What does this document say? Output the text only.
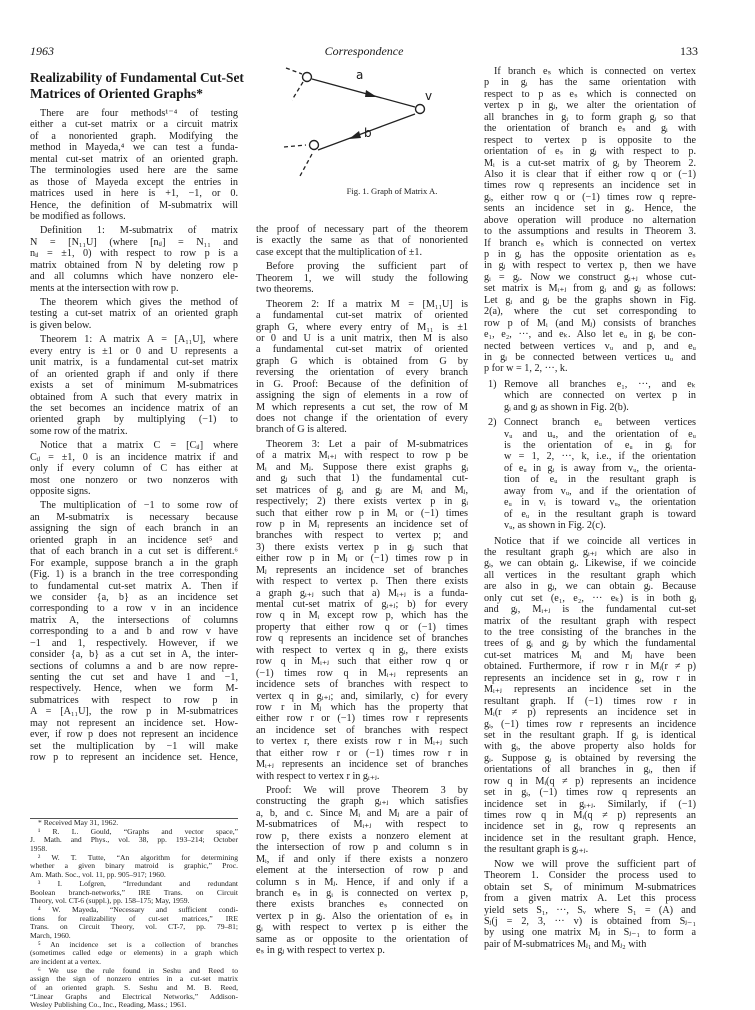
1963	Correspondence	133
Realizability of Fundamental Cut-Set
Matrices of Oriented Graphs*
There are four methods¹⁻⁴ of testing
either a cut-set matrix or a circuit matrix
of a nonoriented graph. Modifying the
method in Mayeda,⁴ we can test a funda-
mental cut-set matrix of an oriented graph.
The terminologies used here are the same
as those of Mayeda except the entries in
matrices used in here is +1, −1, or 0.
Hence, the definition of M-submatrix will
be modified as follows.
Definition 1: M-submatrix of matrix
N = [N₁₁U] (where [nᵢⱼ] = N₁₁ and
nᵢⱼ = ±1, 0) with respect to row p is a
matrix obtained from N by deleting row p
and all columns which have nonzero ele-
ments at the intersection with row p.
The theorem which gives the method of
testing a cut-set matrix of an oriented graph
is given below.
Theorem 1: A matrix A = [A₁₁U], where
every entry is ±1 or 0 and U represents a
unit matrix, is a fundamental cut-set matrix
of an oriented graph if and only if there
exists a set of minimum M-submatrices
obtained from A such that every matrix in
the set becomes an incidence matrix of an
oriented graph by multiplying (−1) to
some row of the matrix.
Notice that a matrix C = [Cᵢⱼ] where
Cᵢⱼ = ±1, 0 is an incidence matrix if and
only if every column of C has either at
most one nonzero or two nonzeros with
opposite signs.
The multiplication of −1 to some row of
an M-submatrix is necessary because
assigning the sign of each branch in an
oriented graph in an incidence set⁵ and
that of each branch in a cut set is different.⁶
For example, suppose branch a in the graph
(Fig. 1) is a branch in the tree corresponding
to fundamental cut-set matrix A. Then if
we consider {a, b} as an incidence set
corresponding to a row v in an incidence
matrix A, the intersections of columns
corresponding to a and b and row v have
−1 and 1, respectively. However, if we
consider {a, b} as a cut set in A, the inter-
sections of columns a and b are now repre-
senting the cut set and have 1 and −1,
respectively. Hence, when we form M-
submatrices with respect to row p in
A = [A₁₁U], the row p in M-submatrices
may not represent an incidence set. How-
ever, if row p does not represent an incidence
set the multiplication by −1 will make
row p to represent an incidence set. Hence,
* Received May 31, 1962.
¹ R. L. Gould, “Graphs and vector space,”
J. Math. and Phys., vol. 38, pp. 193–214; October
1958.
² W. T. Tutte, “An algorithm for determining
whether a given binary matroid is graphic,” Proc.
Am. Math. Soc., vol. 11, pp. 905–917; 1960.
³ I. Lofgren, “Irredundant and redundant
Boolean branch-networks,” IRE Trans. on Circuit
Theory, vol. CT-6 (suppl.), pp. 158–175; May, 1959.
⁴ W. Mayeda, “Necessary and sufficient condi-
tions for realizability of cut-set matrices,” IRE
Trans. on Circuit Theory, vol. CT-7, pp. 79–81;
March, 1960.
⁵ An incidence set is a collection of branches
(sometimes called edge or elements) in a graph which
are incident at a vertex.
⁶ We use the rule found in Seshu and Reed to
assign the sign of nonzero entries in a cut-set matrix
of an oriented graph. S. Seshu and M. B. Reed,
“Linear Graphs and Electrical Networks,” Addison-
Wesley Publishing Co., Inc., Reading, Mass.; 1961.
a
v
b
Fig. 1. Graph of Matrix A.
the proof of necessary part of the theorem
is exactly the same as that of nonoriented
case except that the multiplication of ±1.
Before proving the sufficient part of
Theorem 1, we will study the following
two theorems.
Theorem 2: If a matrix M = [M₁₁U] is
a fundamental cut-set matrix of oriented
graph G, where every entry of M₁₁ is ±1
or 0 and U is a unit matrix, then M is also
a fundamental cut-set matrix of oriented
graph Ḡ which is obtained from G by
reversing the orientation of every branch
in G. Proof: Because of the definition of
assigning the sign of elements in a row of
M which represents a cut set, the row of M
does not change if the orientation of every
branch of G is altered.
Theorem 3: Let a pair of M-submatrices
of a matrix Mᵢ₊ⱼ with respect to row p be
Mᵢ and Mⱼ. Suppose there exist graphs gᵢ
and gⱼ such that 1) the fundamental cut-
set matrices of gᵢ and gⱼ are Mᵢ and Mⱼ,
respectively; 2) there exists vertex p in gᵢ
such that either row p in Mᵢ or (−1) times
row p in Mᵢ represents an incidence set of
branches with respect to vertex p; and
3) there exists vertex p in gⱼ such that
either row p in Mⱼ or (−1) times row p in
Mⱼ represents an incidence set of branches
with respect to vertex p. Then there exists
a graph gᵢ₊ⱼ such that a) Mᵢ₊ⱼ is a funda-
mental cut-set matrix of gᵢ₊ⱼ; b) for every
row q in Mᵢ except row p, which has the
property that either row q or (−1) times
row q represents an incidence set of branches
with respect to vertex q in gᵢ, there exists
row q in Mᵢ₊ⱼ such that either row q or
(−1) times row q in Mᵢ₊ⱼ represents an
incidence sets of branches with respect to
vertex q in gᵢ₊ⱼ; and, similarly, c) for every
row r in Mⱼ which has the property that
either row r or (−1) times row r represents
an incidence set of branches with respect
to vertex r, there exists row r in Mᵢ₊ⱼ such
that either row r or (−1) times row r in
Mᵢ₊ⱼ represents an incidence set of branches
with respect to vertex r in gᵢ₊ⱼ.
Proof: We will prove Theorem 3 by
constructing the graph gᵢ₊ⱼ which satisfies
a, b, and c. Since Mᵢ and Mⱼ are a pair of
M-submatrices of Mᵢ₊ⱼ with respect to
row p, there exists a nonzero element at
the intersection of row p and column s in
Mᵢ, if and only if there exists a nonzero
element at the intersection of row p and
column s in Mⱼ. Hence, if and only if a
branch eₛ in gᵢ is connected on vertex p,
there exists branches eₛ connected on
vertex p in gⱼ. Also the orientation of eₛ in
gᵢ with respect to vertex p is either the
same as or opposite to the orientation of
eₛ in gⱼ with respect to vertex p.
If branch eₛ which is connected on vertex
p in gᵢ has the same orientation with
respect to p as eₛ which is connected on
vertex p in gⱼ, we alter the orientation of
all branches in gᵢ to form graph gᵢ so that
the orientation of branch eₛ and gᵢ with
respect to vertex p is opposite to the
orientation of eₛ in gⱼ with respect to p.
Mᵢ is a cut-set matrix of gᵢ by Theorem 2.
Also it is clear that if either row q or (−1)
times row q represents an incidence set in
gᵢ, either row q or (−1) times row q repre-
sents an incidence set in gᵢ. Hence, the
above operation will produce no alternation
to the assumptions and results in Theorem 3.
If branch eₛ which is connected on vertex
p in gᵢ has the opposite orientation as eₛ
in gⱼ with respect to vertex p, then we have
gᵢ = gᵢ. Now we construct gᵢ₊ⱼ whose cut-
set matrix is Mᵢ₊ⱼ from gᵢ and gⱼ as follows:
Let gᵢ and gⱼ be the graphs shown in Fig.
2(a), where the cut set corresponding to
row p of Mᵢ (and Mⱼ) consists of branches
e₁, e₂, ···, and eₖ. Also let eᵤ in gᵢ be con-
nected between vertices vᵤ and p, and eᵤ
in gⱼ be connected between vertices uᵤ and
p for w = 1, 2, ···, k.
1) Remove all branches e₁, ···, and eₖ
which are connected on vertex p in
gᵢ and gⱼ as shown in Fig. 2(b).
2) Connect branch eᵤ between vertices
vᵤ and uᵤ, and the orientation of eᵤ
is the orientation of eᵤ in gᵢ for
w = 1, 2, ···, k, i.e., if the orientation
of eᵤ in gᵢ is away from vᵤ, the orienta-
tion of eᵤ in the resultant graph is
away from vᵤ, and if the orientation of
eᵤ in vᵢ is toward vᵤ, the orientation
of eᵤ in the resultant graph is toward
vᵤ, as shown in Fig. 2(c).
Notice that if we coincide all vertices in
the resultant graph gᵢ₊ⱼ which are also in
gᵢ, we can obtain gᵢ. Likewise, if we coincide
all vertices in the resultant graph which
are also in gⱼ, we can obtain gⱼ. Because
only cut set (e₁, e₂, ··· eₖ) is in both gᵢ
and gⱼ, Mᵢ₊ⱼ is the fundamental cut-set
matrix of the resultant graph with respect
to the tree consisting of the branches in the
trees of gᵢ and gⱼ by which the fundamental
cut-set matrices Mᵢ and Mⱼ have been
obtained. Furthermore, if row r in Mᵢ(r ≠ p)
represents an incidence set in gᵢ, row r in
Mᵢ₊ⱼ represents an incidence set in the
resultant graph. If (−1) times row r in
Mᵢ(r ≠ p) represents an incidence set in
gᵢ, (−1) times row r represents an incidence
set in the resultant graph. If gᵢ is identical
with gᵢ, the above property also holds for
gᵢ. Suppose gᵢ is obtained by reversing the
orientations of all branches in gᵢ, then if
row q in Mᵢ(q ≠ p) represents an incidence
set in gᵢ, (−1) times row q represents an
incidence set in gᵢ₊ⱼ. Similarly, if (−1)
times row q in Mᵢ(q ≠ p) represents an
incidence set in gᵢ, row q represents an
incidence set in the resultant graph. Hence,
the resultant graph is gᵢ₊ⱼ.
Now we will prove the sufficient part of
Theorem 1. Consider the process used to
obtain set Sᵥ of minimum M-submatrices
from a given matrix A. Let this process
yield sets S₁, ···, Sᵥ where S₁ = (A) and
Sⱼ(j = 2, 3, ··· v) is obtained from Sⱼ₋₁
by using one matrix Mⱼ in Sⱼ₋₁ to form a
pair of M-submatrices Mⱼ₁ and Mⱼ₂ with
